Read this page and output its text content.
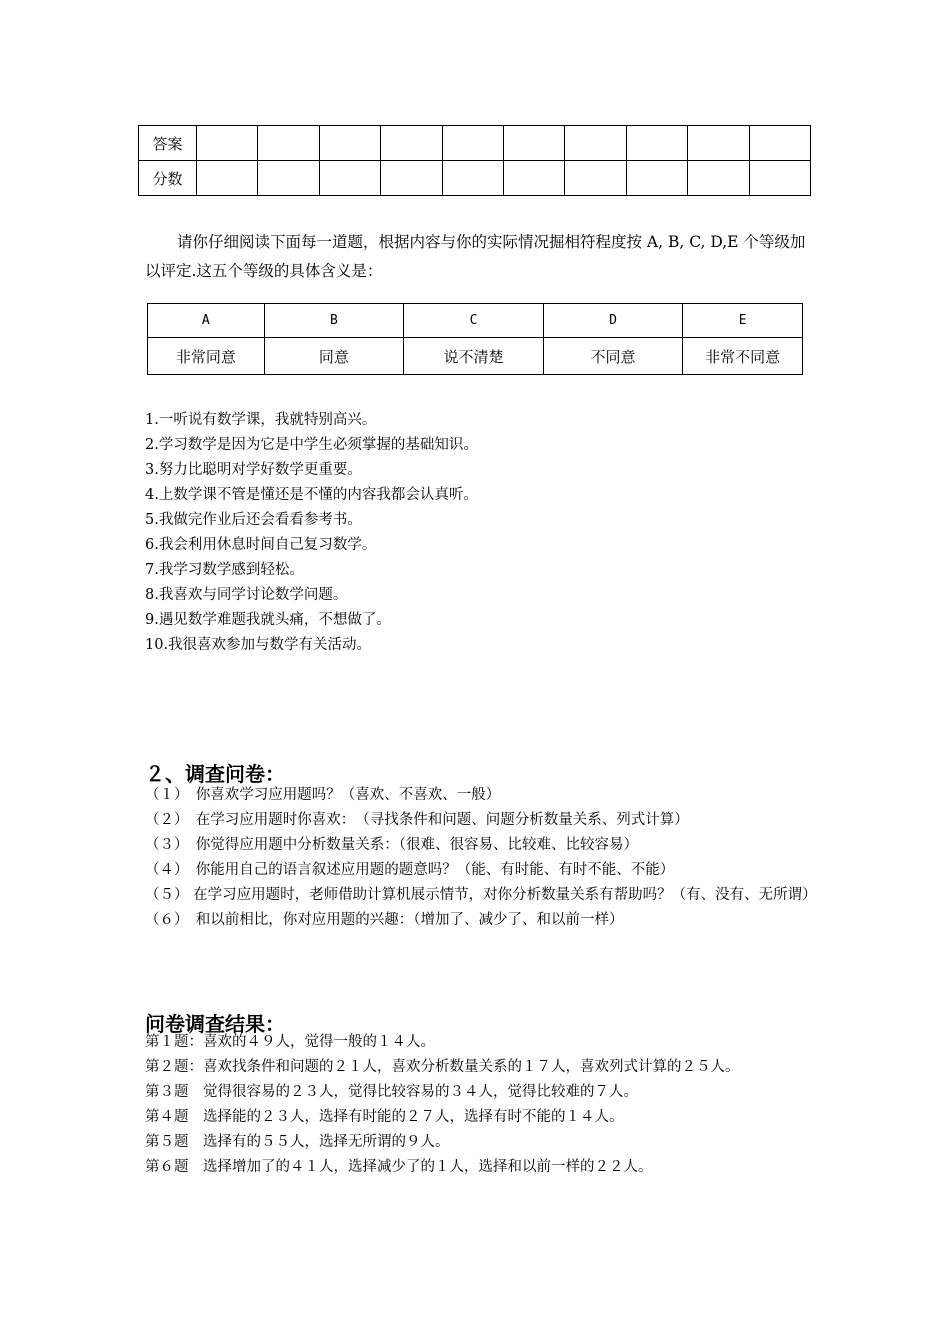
答案										
分数										

请你仔细阅读下面每一道题，根据内容与你的实际情况掘相符程度按 A, B, C, D,E 个等级加以评定.这五个等级的具体含义是：

A	B	C	D	E
非常同意	同意	说不清楚	不同意	非常不同意
1.一听说有数学课，我就特别高兴。
2.学习数学是因为它是中学生必须掌握的基础知识。
3.努力比聪明对学好数学更重要。
4.上数学课不管是懂还是不懂的内容我都会认真听。
5.我做完作业后还会看看参考书。
6.我会利用休息时间自己复习数学。
7.我学习数学感到轻松。
8.我喜欢与同学讨论数学问题。
9.遇见数学难题我就头痛，不想做了。
10.我很喜欢参加与数学有关活动。
２、调查问卷：
（１）　你喜欢学习应用题吗？（喜欢、不喜欢、一般）
（２）　在学习应用题时你喜欢：　（寻找条件和问题、问题分析数量关系、列式计算）
（３）　你觉得应用题中分析数量关系：（很难、很容易、比较难、比较容易）
（４）　你能用自己的语言叙述应用题的题意吗？（能、有时能、有时不能、不能）
（５） 在学习应用题时，老师借助计算机展示情节，对你分析数量关系有帮助吗？（有、没有、无所谓）
（６）　和以前相比，你对应用题的兴趣：（增加了、减少了、和以前一样）
问卷调查结果：
第１题：喜欢的４９人，觉得一般的１４人。
第２题：喜欢找条件和问题的２１人，喜欢分析数量关系的１７人，喜欢列式计算的２５人。
第３题　觉得很容易的２３人，觉得比较容易的３４人，觉得比较难的７人。
第４题　选择能的２３人，选择有时能的２７人，选择有时不能的１４人。
第５题　选择有的５５人，选择无所谓的９人。
第６题　选择增加了的４１人，选择减少了的１人，选择和以前一样的２２人。
